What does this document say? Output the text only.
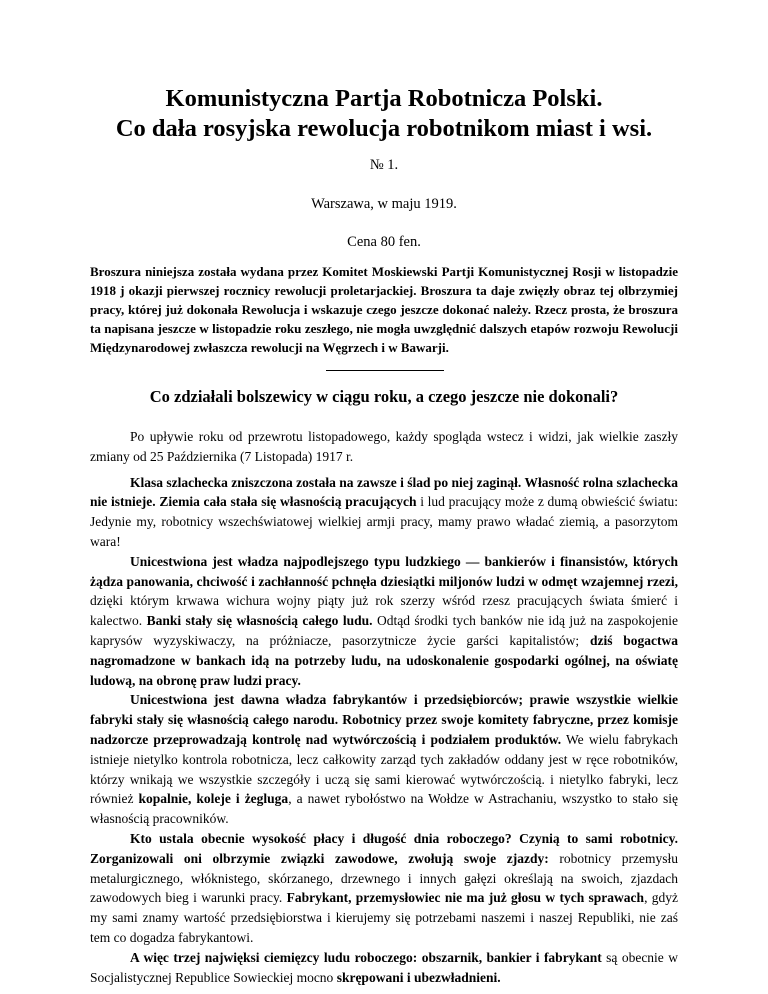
Komunistyczna Partja Robotnicza Polski.
Co dała rosyjska rewolucja robotnikom miast i wsi.
№ 1.
Warszawa, w maju 1919.
Cena 80 fen.

Broszura niniejsza została wydana przez Komitet Moskiewski Partji Komunistycznej Rosji w listopadzie 1918 j okazji pierwszej rocznicy rewolucji proletarjackiej. Broszura ta daje zwięzły obraz tej olbrzymiej pracy, której już dokonała Rewolucja i wskazuje czego jeszcze dokonać należy. Rzecz prosta, że broszura ta napisana jeszcze w listopadzie roku zeszłego, nie mogła uwzględnić dalszych etapów rozwoju Rewolucji Międzynarodowej zwłaszcza rewolucji na Węgrzech i w Bawarji.

Co zdziałali bolszewicy w ciągu roku, a czego jeszcze nie dokonali?

Po upływie roku od przewrotu listopadowego, każdy spogląda wstecz i widzi, jak wielkie zaszły zmiany od 25 Października (7 Listopada) 1917 r.

Klasa szlachecka zniszczona została na zawsze i ślad po niej zaginął. Własność rolna szlachecka nie istnieje. Ziemia cała stała się własnością pracujących i lud pracujący może z dumą obwieścić światu: Jedynie my, robotnicy wszechświatowej wielkiej armji pracy, mamy prawo władać ziemią, a pasorzytom wara!

Unicestwiona jest władza najpodlejszego typu ludzkiego — bankierów i finansistów, których żądza panowania, chciwość i zachłanność pchnęła dziesiątki miljonów ludzi w odmęt wzajemnej rzezi, dzięki którym krwawa wichura wojny piąty już rok szerzy wśród rzesz pracujących świata śmierć i kalectwo. Banki stały się własnością całego ludu. Odtąd środki tych banków nie idą już na zaspokojenie kaprysów wyzyskiwaczy, na próżniacze, pasorzytnicze życie garści kapitalistów; dziś bogactwa nagromadzone w bankach idą na potrzeby ludu, na udoskonalenie gospodarki ogólnej, na oświatę ludową, na obronę praw ludzi pracy.

Unicestwiona jest dawna władza fabrykantów i przedsiębiorców; prawie wszystkie wielkie fabryki stały się własnością całego narodu. Robotnicy przez swoje komitety fabryczne, przez komisje nadzorcze przeprowadzają kontrolę nad wytwórczością i podziałem produktów. We wielu fabrykach istnieje nietylko kontrola robotnicza, lecz całkowity zarząd tych zakładów oddany jest w ręce robotników, którzy wnikają we wszystkie szczegóły i uczą się sami kierować wytwórczością. i nietylko fabryki, lecz również kopalnie, koleje i żegluga, a nawet rybołóstwo na Wołdze w Astrachaniu, wszystko to stało się własnością pracowników.

Kto ustala obecnie wysokość płacy i długość dnia roboczego? Czynią to sami robotnicy. Zorganizowali oni olbrzymie związki zawodowe, zwołują swoje zjazdy: robotnicy przemysłu metalurgicznego, włóknistego, skórzanego, drzewnego i innych gałęzi określają na swoich, zjazdach zawodowych bieg i warunki pracy. Fabrykant, przemysłowiec nie ma już głosu w tych sprawach, gdyż my sami znamy wartość przedsiębiorstwa i kierujemy się potrzebami naszemi i naszej Republiki, nie zaś tem co dogadza fabrykantowi.

A więc trzej najwięksi ciemięzcy ludu roboczego: obszarnik, bankier i fabrykant są obecnie w Socjalistycznej Republice Sowieckiej mocno skrępowani i ubezwładnieni.
